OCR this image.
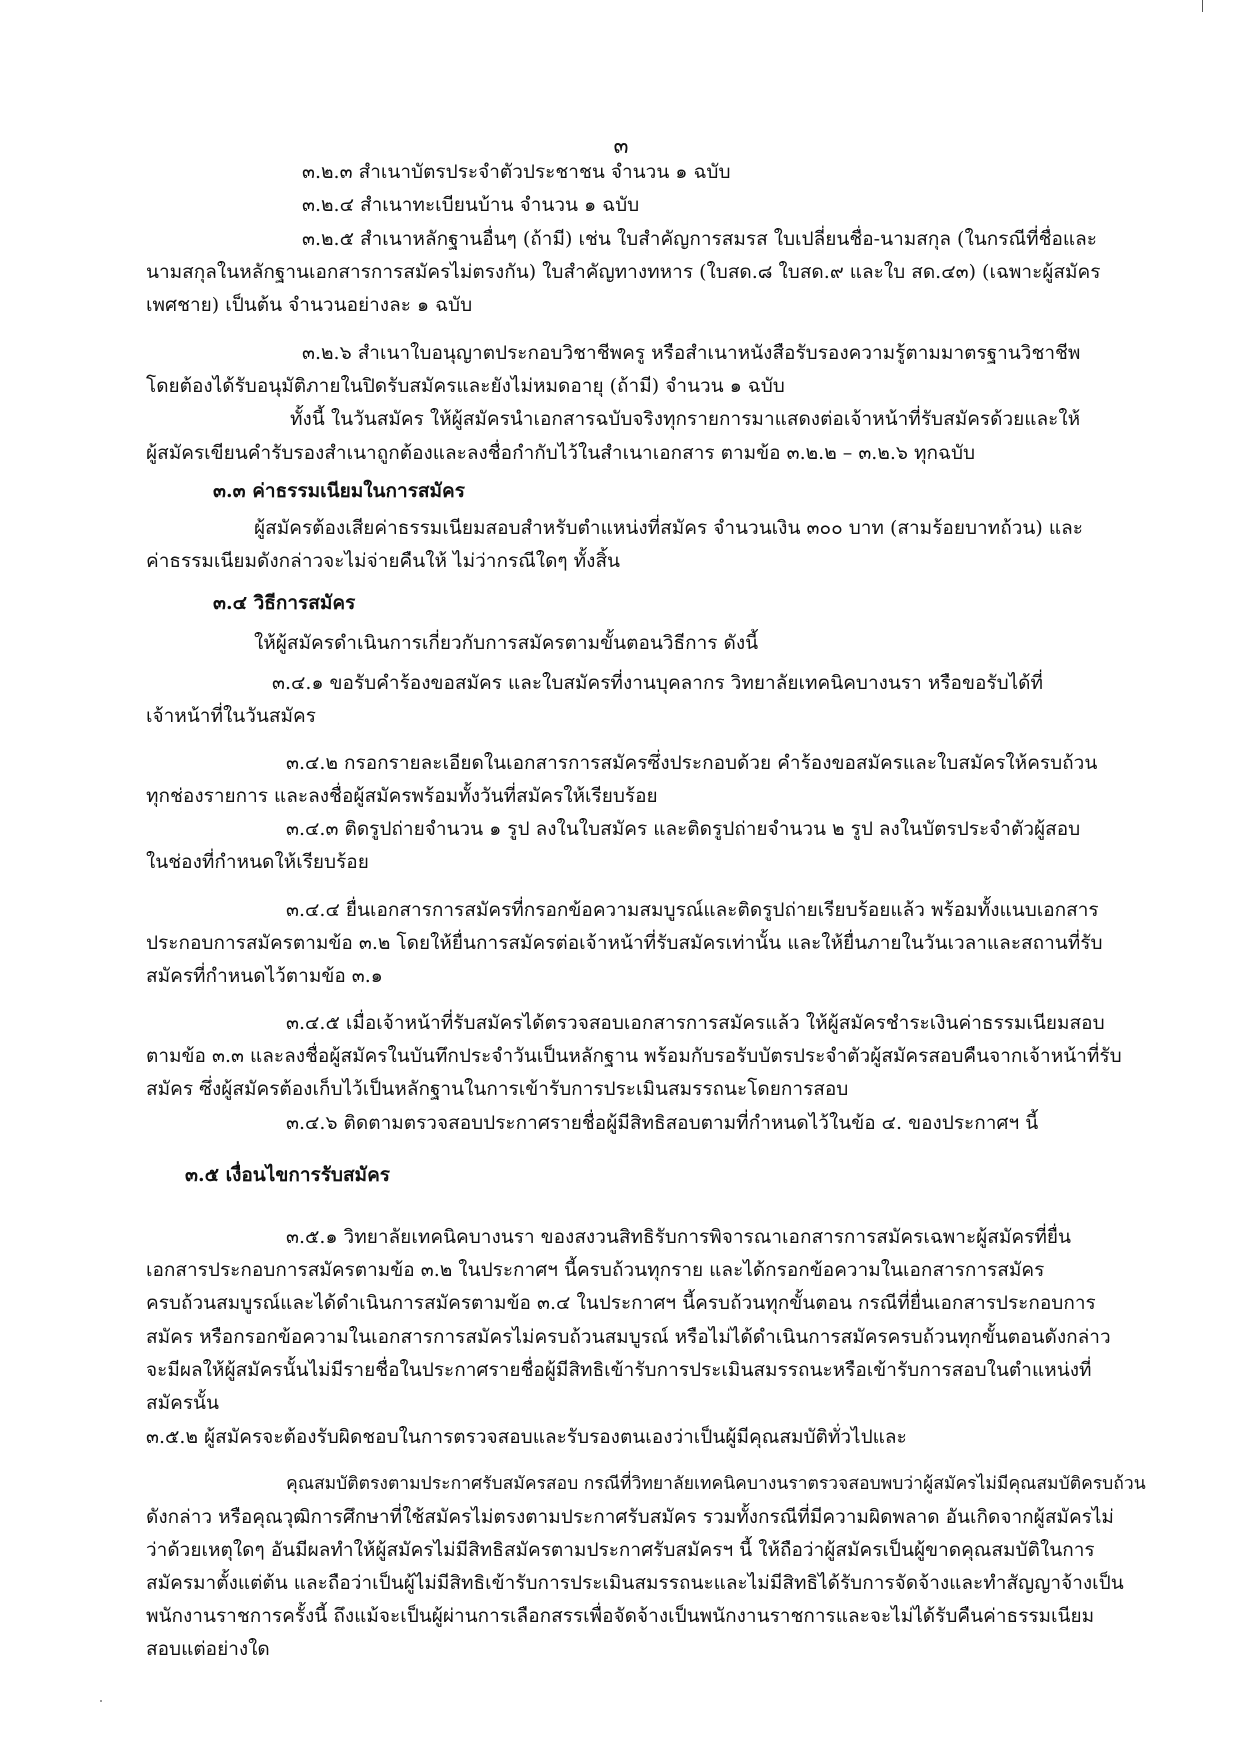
๓
๓.๒.๓ สำเนาบัตรประจำตัวประชาชน จำนวน ๑ ฉบับ
๓.๒.๔ สำเนาทะเบียนบ้าน จำนวน ๑ ฉบับ
๓.๒.๕ สำเนาหลักฐานอื่นๆ (ถ้ามี) เช่น ใบสำคัญการสมรส ใบเปลี่ยนชื่อ-นามสกุล (ในกรณีที่ชื่อและ
นามสกุลในหลักฐานเอกสารการสมัครไม่ตรงกัน) ใบสำคัญทางทหาร (ใบสด.๘ ใบสด.๙ และใบ สด.๔๓) (เฉพาะผู้สมัคร
เพศชาย) เป็นต้น จำนวนอย่างละ ๑ ฉบับ
๓.๒.๖ สำเนาใบอนุญาตประกอบวิชาชีพครู หรือสำเนาหนังสือรับรองความรู้ตามมาตรฐานวิชาชีพ
โดยต้องได้รับอนุมัติภายในปิดรับสมัครและยังไม่หมดอายุ (ถ้ามี) จำนวน ๑ ฉบับ
ทั้งนี้ ในวันสมัคร ให้ผู้สมัครนำเอกสารฉบับจริงทุกรายการมาแสดงต่อเจ้าหน้าที่รับสมัครด้วยและให้
ผู้สมัครเขียนคำรับรองสำเนาถูกต้องและลงชื่อกำกับไว้ในสำเนาเอกสาร ตามข้อ ๓.๒.๒ – ๓.๒.๖ ทุกฉบับ
๓.๓ ค่าธรรมเนียมในการสมัคร
ผู้สมัครต้องเสียค่าธรรมเนียมสอบสำหรับตำแหน่งที่สมัคร จำนวนเงิน ๓๐๐ บาท (สามร้อยบาทถ้วน) และ
ค่าธรรมเนียมดังกล่าวจะไม่จ่ายคืนให้ ไม่ว่ากรณีใดๆ ทั้งสิ้น
๓.๔ วิธีการสมัคร
ให้ผู้สมัครดำเนินการเกี่ยวกับการสมัครตามขั้นตอนวิธีการ ดังนี้
๓.๔.๑ ขอรับคำร้องขอสมัคร และใบสมัครที่งานบุคลากร วิทยาลัยเทคนิคบางนรา หรือขอรับได้ที่
เจ้าหน้าที่ในวันสมัคร
๓.๔.๒ กรอกรายละเอียดในเอกสารการสมัครซึ่งประกอบด้วย คำร้องขอสมัครและใบสมัครให้ครบถ้วน
ทุกช่องรายการ และลงชื่อผู้สมัครพร้อมทั้งวันที่สมัครให้เรียบร้อย
๓.๔.๓ ติดรูปถ่ายจำนวน ๑ รูป ลงในใบสมัคร และติดรูปถ่ายจำนวน ๒ รูป ลงในบัตรประจำตัวผู้สอบ
ในช่องที่กำหนดให้เรียบร้อย
๓.๔.๔ ยื่นเอกสารการสมัครที่กรอกข้อความสมบูรณ์และติดรูปถ่ายเรียบร้อยแล้ว พร้อมทั้งแนบเอกสาร
ประกอบการสมัครตามข้อ ๓.๒ โดยให้ยื่นการสมัครต่อเจ้าหน้าที่รับสมัครเท่านั้น และให้ยื่นภายในวันเวลาและสถานที่รับ
สมัครที่กำหนดไว้ตามข้อ ๓.๑
๓.๔.๕ เมื่อเจ้าหน้าที่รับสมัครได้ตรวจสอบเอกสารการสมัครแล้ว ให้ผู้สมัครชำระเงินค่าธรรมเนียมสอบ
ตามข้อ ๓.๓ และลงชื่อผู้สมัครในบันทึกประจำวันเป็นหลักฐาน พร้อมกับรอรับบัตรประจำตัวผู้สมัครสอบคืนจากเจ้าหน้าที่รับ
สมัคร ซึ่งผู้สมัครต้องเก็บไว้เป็นหลักฐานในการเข้ารับการประเมินสมรรถนะโดยการสอบ
๓.๔.๖ ติดตามตรวจสอบประกาศรายชื่อผู้มีสิทธิสอบตามที่กำหนดไว้ในข้อ ๔. ของประกาศฯ นี้
๓.๕ เงื่อนไขการรับสมัคร
๓.๕.๑ วิทยาลัยเทคนิคบางนรา ของสงวนสิทธิรับการพิจารณาเอกสารการสมัครเฉพาะผู้สมัครที่ยื่น
เอกสารประกอบการสมัครตามข้อ ๓.๒ ในประกาศฯ นี้ครบถ้วนทุกราย และได้กรอกข้อความในเอกสารการสมัคร
ครบถ้วนสมบูรณ์และได้ดำเนินการสมัครตามข้อ ๓.๔ ในประกาศฯ นี้ครบถ้วนทุกขั้นตอน กรณีที่ยื่นเอกสารประกอบการ
สมัคร หรือกรอกข้อความในเอกสารการสมัครไม่ครบถ้วนสมบูรณ์ หรือไม่ได้ดำเนินการสมัครครบถ้วนทุกขั้นตอนดังกล่าว
จะมีผลให้ผู้สมัครนั้นไม่มีรายชื่อในประกาศรายชื่อผู้มีสิทธิเข้ารับการประเมินสมรรถนะหรือเข้ารับการสอบในตำแหน่งที่
สมัครนั้น
๓.๕.๒ ผู้สมัครจะต้องรับผิดชอบในการตรวจสอบและรับรองตนเองว่าเป็นผู้มีคุณสมบัติทั่วไปและ
คุณสมบัติตรงตามประกาศรับสมัครสอบ กรณีที่วิทยาลัยเทคนิคบางนราตรวจสอบพบว่าผู้สมัครไม่มีคุณสมบัติครบถ้วน
ดังกล่าว หรือคุณวุฒิการศึกษาที่ใช้สมัครไม่ตรงตามประกาศรับสมัคร รวมทั้งกรณีที่มีความผิดพลาด อันเกิดจากผู้สมัครไม่
ว่าด้วยเหตุใดๆ อันมีผลทำให้ผู้สมัครไม่มีสิทธิสมัครตามประกาศรับสมัครฯ นี้ ให้ถือว่าผู้สมัครเป็นผู้ขาดคุณสมบัติในการ
สมัครมาตั้งแต่ต้น และถือว่าเป็นผู้ไม่มีสิทธิเข้ารับการประเมินสมรรถนะและไม่มีสิทธิได้รับการจัดจ้างและทำสัญญาจ้างเป็น
พนักงานราชการครั้งนี้ ถึงแม้จะเป็นผู้ผ่านการเลือกสรรเพื่อจัดจ้างเป็นพนักงานราชการและจะไม่ได้รับคืนค่าธรรมเนียม
สอบแต่อย่างใด
